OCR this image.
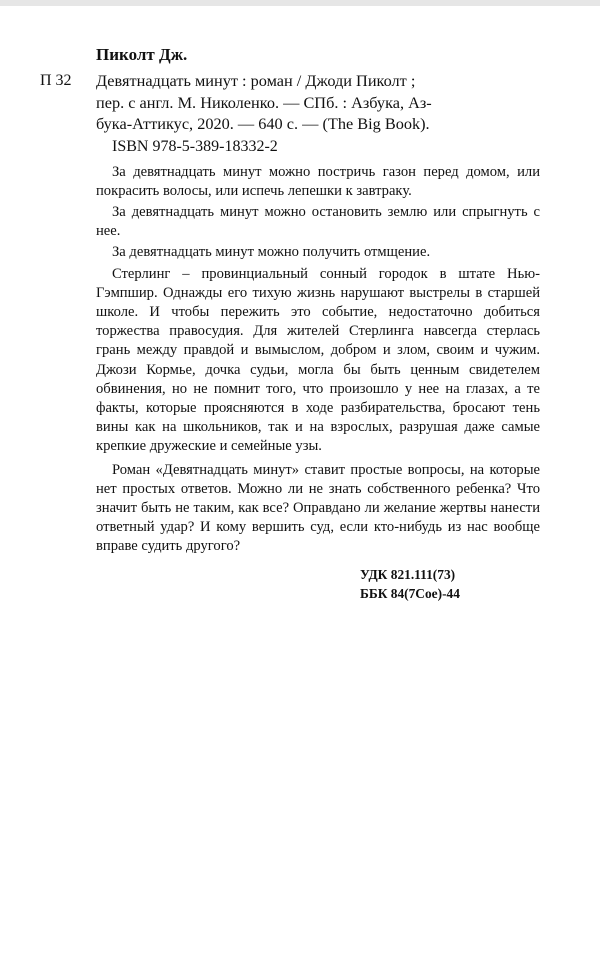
Пиколт Дж.
П 32	Девятнадцать минут : роман / Джоди Пиколт ;
пер. с англ. М. Николенко. — СПб. : Азбука, Аз-
бука-Аттикус, 2020. — 640 с. — (The Big Book).
ISBN 978-5-389-18332-2

За девятнадцать минут можно постричь газон перед домом, или покрасить волосы, или испечь лепешки к завтраку.

За девятнадцать минут можно остановить землю или спрыгнуть с нее.

За девятнадцать минут можно получить отмщение.

Стерлинг – провинциальный сонный городок в штате Нью-Гэмпшир. Однажды его тихую жизнь нарушают выстрелы в старшей школе. И чтобы пережить это событие, недостаточно добиться торжества правосудия. Для жителей Стерлинга навсегда стерлась грань между правдой и вымыслом, добром и злом, своим и чужим. Джози Кормье, дочка судьи, могла бы быть ценным свидетелем обвинения, но не помнит того, что произошло у нее на глазах, а те факты, которые проясняются в ходе разбирательства, бросают тень вины как на школьников, так и на взрослых, разрушая даже самые крепкие дружеские и семейные узы.

Роман «Девятнадцать минут» ставит простые вопросы, на которые нет простых ответов. Можно ли не знать собственного ребенка? Что значит быть не таким, как все? Оправдано ли желание жертвы нанести ответный удар? И кому вершить суд, если кто-нибудь из нас вообще вправе судить другого?

УДК 821.111(73)
ББК 84(7Сое)-44
